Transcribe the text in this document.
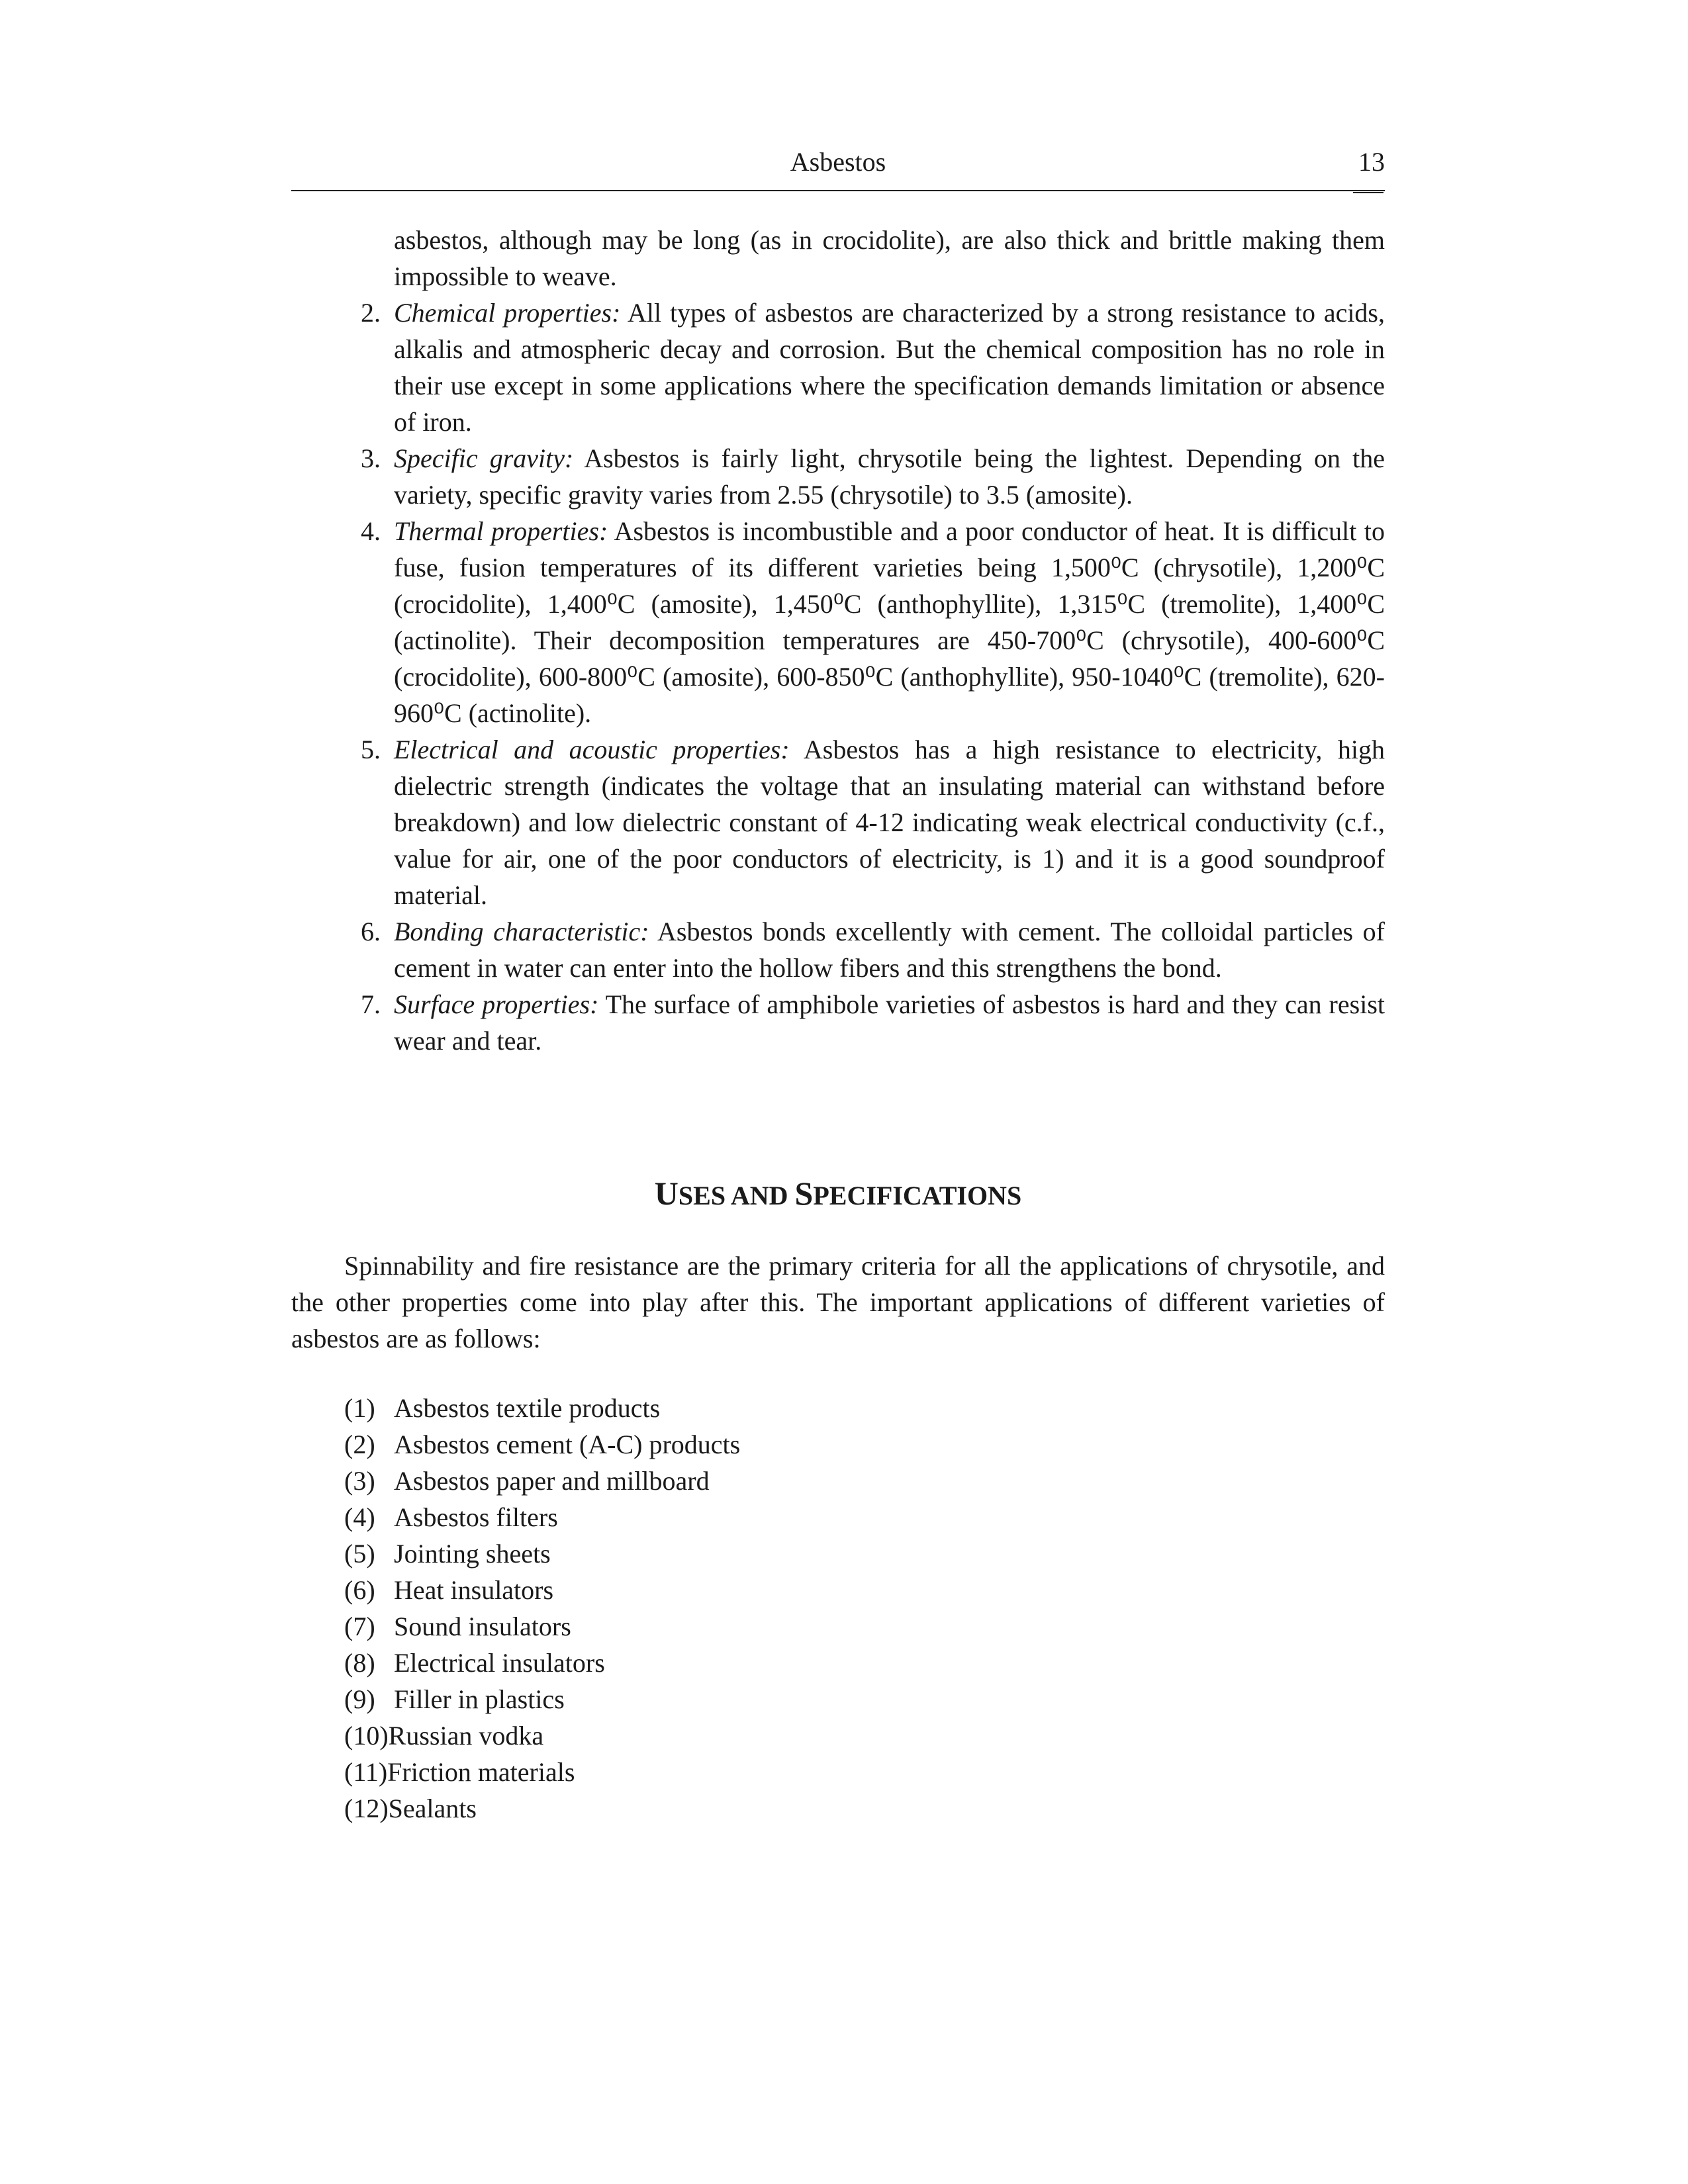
Asbestos	13

asbestos, although may be long (as in crocidolite), are also thick and brittle making them impossible to weave.

2. Chemical properties: All types of asbestos are characterized by a strong resistance to acids, alkalis and atmospheric decay and corrosion. But the chemical composition has no role in their use except in some applications where the specification demands limitation or absence of iron.
3. Specific gravity: Asbestos is fairly light, chrysotile being the lightest. Depending on the variety, specific gravity varies from 2.55 (chrysotile) to 3.5 (amosite).
4. Thermal properties: Asbestos is incombustible and a poor conductor of heat. It is difficult to fuse, fusion temperatures of its different varieties being 1,500⁰C (chrysotile), 1,200⁰C (crocidolite), 1,400⁰C (amosite), 1,450⁰C (anthophyllite), 1,315⁰C (tremolite), 1,400⁰C (actinolite). Their decomposition temperatures are 450-700⁰C (chrysotile), 400-600⁰C (crocidolite), 600-800⁰C (amosite), 600-850⁰C (anthophyllite), 950-1040⁰C (tremolite), 620-960⁰C (actinolite).
5. Electrical and acoustic properties: Asbestos has a high resistance to electricity, high dielectric strength (indicates the voltage that an insulating material can withstand before breakdown) and low dielectric constant of 4-12 indicating weak electrical conductivity (c.f., value for air, one of the poor conductors of electricity, is 1) and it is a good soundproof material.
6. Bonding characteristic: Asbestos bonds excellently with cement. The colloidal particles of cement in water can enter into the hollow fibers and this strengthens the bond.
7. Surface properties: The surface of amphibole varieties of asbestos is hard and they can resist wear and tear.
USES AND SPECIFICATIONS

Spinnability and fire resistance are the primary criteria for all the applications of chrysotile, and the other properties come into play after this. The important applications of different varieties of asbestos are as follows:

(1) Asbestos textile products
(2) Asbestos cement (A-C) products
(3) Asbestos paper and millboard
(4) Asbestos filters
(5) Jointing sheets
(6) Heat insulators
(7) Sound insulators
(8) Electrical insulators
(9) Filler in plastics
(10)Russian vodka
(11)Friction materials
(12)Sealants
